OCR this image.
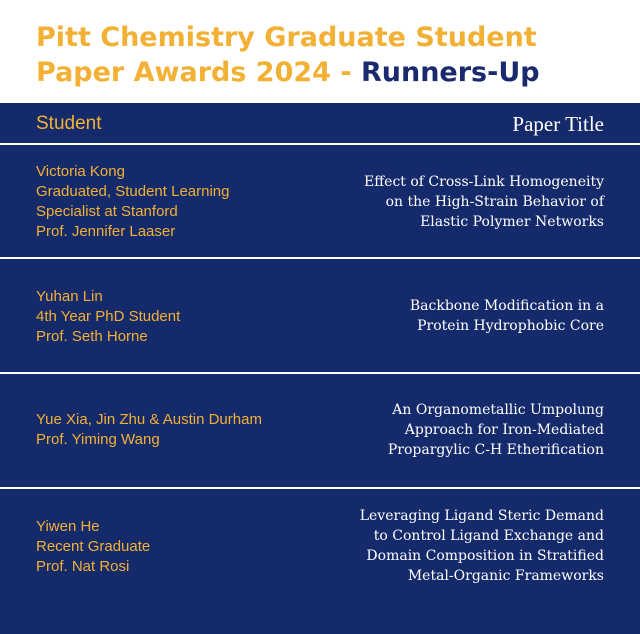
Pitt Chemistry Graduate Student
Paper Awards 2024 - Runners-Up
Student	Paper Title
Victoria Kong
Graduated, Student Learning
Specialist at Stanford
Prof. Jennifer Laaser
Effect of Cross-Link Homogeneity
on the High-Strain Behavior of
Elastic Polymer Networks
Yuhan Lin
4th Year PhD Student
Prof. Seth Horne
Backbone Modification in a
Protein Hydrophobic Core
Yue Xia, Jin Zhu & Austin Durham
Prof. Yiming Wang
An Organometallic Umpolung
Approach for Iron-Mediated
Propargylic C-H Etherification
Yiwen He
Recent Graduate
Prof. Nat Rosi
Leveraging Ligand Steric Demand
to Control Ligand Exchange and
Domain Composition in Stratified
Metal-Organic Frameworks
